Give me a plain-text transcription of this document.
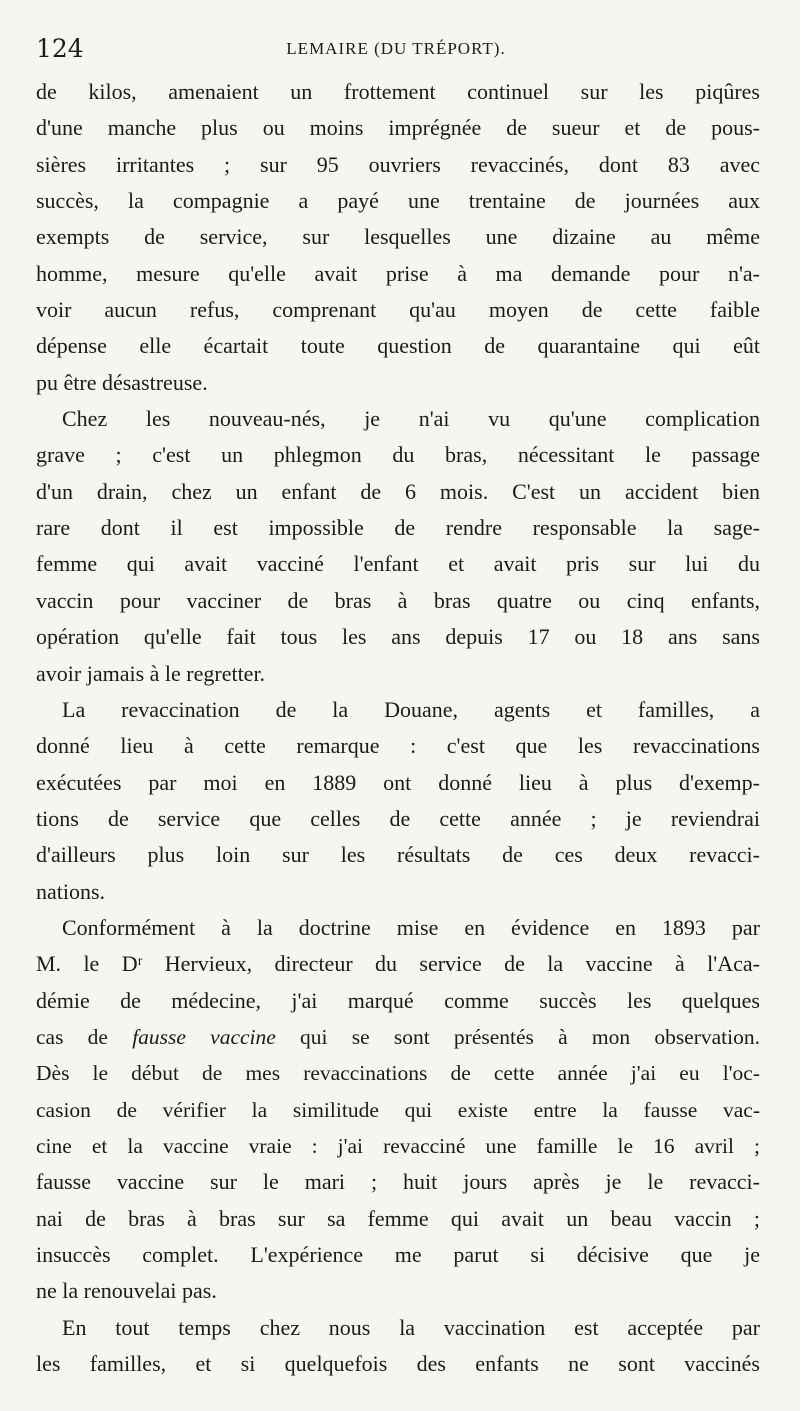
124	LEMAIRE (DU TRÉPORT).
de kilos, amenaient un frottement continuel sur les piqûres
d'une manche plus ou moins imprégnée de sueur et de pous-
sières irritantes ; sur 95 ouvriers revaccinés, dont 83 avec
succès, la compagnie a payé une trentaine de journées aux
exempts de service, sur lesquelles une dizaine au même
homme, mesure qu'elle avait prise à ma demande pour n'a-
voir aucun refus, comprenant qu'au moyen de cette faible
dépense elle écartait toute question de quarantaine qui eût
pu être désastreuse.
Chez les nouveau-nés, je n'ai vu qu'une complication
grave ; c'est un phlegmon du bras, nécessitant le passage
d'un drain, chez un enfant de 6 mois. C'est un accident bien
rare dont il est impossible de rendre responsable la sage-
femme qui avait vacciné l'enfant et avait pris sur lui du
vaccin pour vacciner de bras à bras quatre ou cinq enfants,
opération qu'elle fait tous les ans depuis 17 ou 18 ans sans
avoir jamais à le regretter.
La revaccination de la Douane, agents et familles, a
donné lieu à cette remarque : c'est que les revaccinations
exécutées par moi en 1889 ont donné lieu à plus d'exemp-
tions de service que celles de cette année ; je reviendrai
d'ailleurs plus loin sur les résultats de ces deux revacci-
nations.
Conformément à la doctrine mise en évidence en 1893 par
M. le Dʳ Hervieux, directeur du service de la vaccine à l'Aca-
démie de médecine, j'ai marqué comme succès les quelques
cas de fausse vaccine qui se sont présentés à mon observation.
Dès le début de mes revaccinations de cette année j'ai eu l'oc-
casion de vérifier la similitude qui existe entre la fausse vac-
cine et la vaccine vraie : j'ai revacciné une famille le 16 avril ;
fausse vaccine sur le mari ; huit jours après je le revacci-
nai de bras à bras sur sa femme qui avait un beau vaccin ;
insuccès complet. L'expérience me parut si décisive que je
ne la renouvelai pas.
En tout temps chez nous la vaccination est acceptée par
les familles, et si quelquefois des enfants ne sont vaccinés
